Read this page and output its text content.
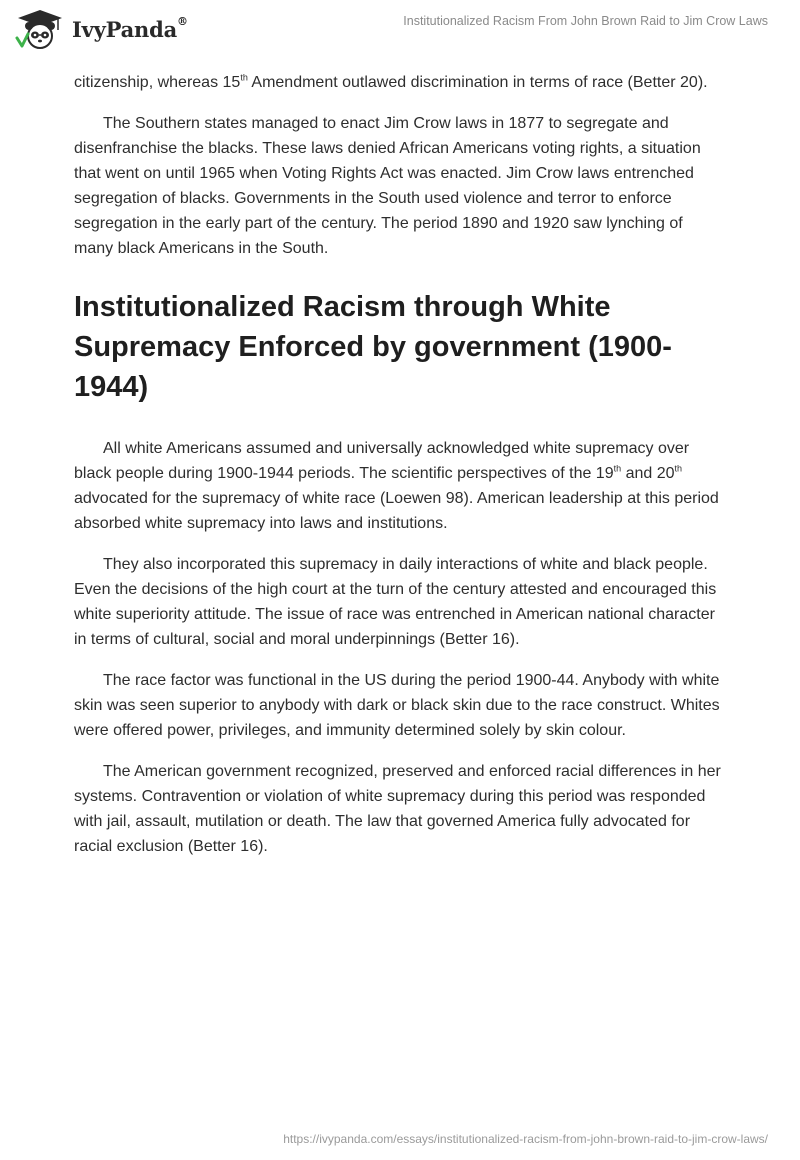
IvyPanda®	Institutionalized Racism From John Brown Raid to Jim Crow Laws

citizenship, whereas 15th Amendment outlawed discrimination in terms of race (Better 20).

The Southern states managed to enact Jim Crow laws in 1877 to segregate and disenfranchise the blacks. These laws denied African Americans voting rights, a situation that went on until 1965 when Voting Rights Act was enacted. Jim Crow laws entrenched segregation of blacks. Governments in the South used violence and terror to enforce segregation in the early part of the century. The period 1890 and 1920 saw lynching of many black Americans in the South.

Institutionalized Racism through White Supremacy Enforced by government (1900-1944)

All white Americans assumed and universally acknowledged white supremacy over black people during 1900-1944 periods. The scientific perspectives of the 19th and 20th advocated for the supremacy of white race (Loewen 98). American leadership at this period absorbed white supremacy into laws and institutions.

They also incorporated this supremacy in daily interactions of white and black people. Even the decisions of the high court at the turn of the century attested and encouraged this white superiority attitude. The issue of race was entrenched in American national character in terms of cultural, social and moral underpinnings (Better 16).

The race factor was functional in the US during the period 1900-44. Anybody with white skin was seen superior to anybody with dark or black skin due to the race construct. Whites were offered power, privileges, and immunity determined solely by skin colour.

The American government recognized, preserved and enforced racial differences in her systems. Contravention or violation of white supremacy during this period was responded with jail, assault, mutilation or death. The law that governed America fully advocated for racial exclusion (Better 16).

https://ivypanda.com/essays/institutionalized-racism-from-john-brown-raid-to-jim-crow-laws/
